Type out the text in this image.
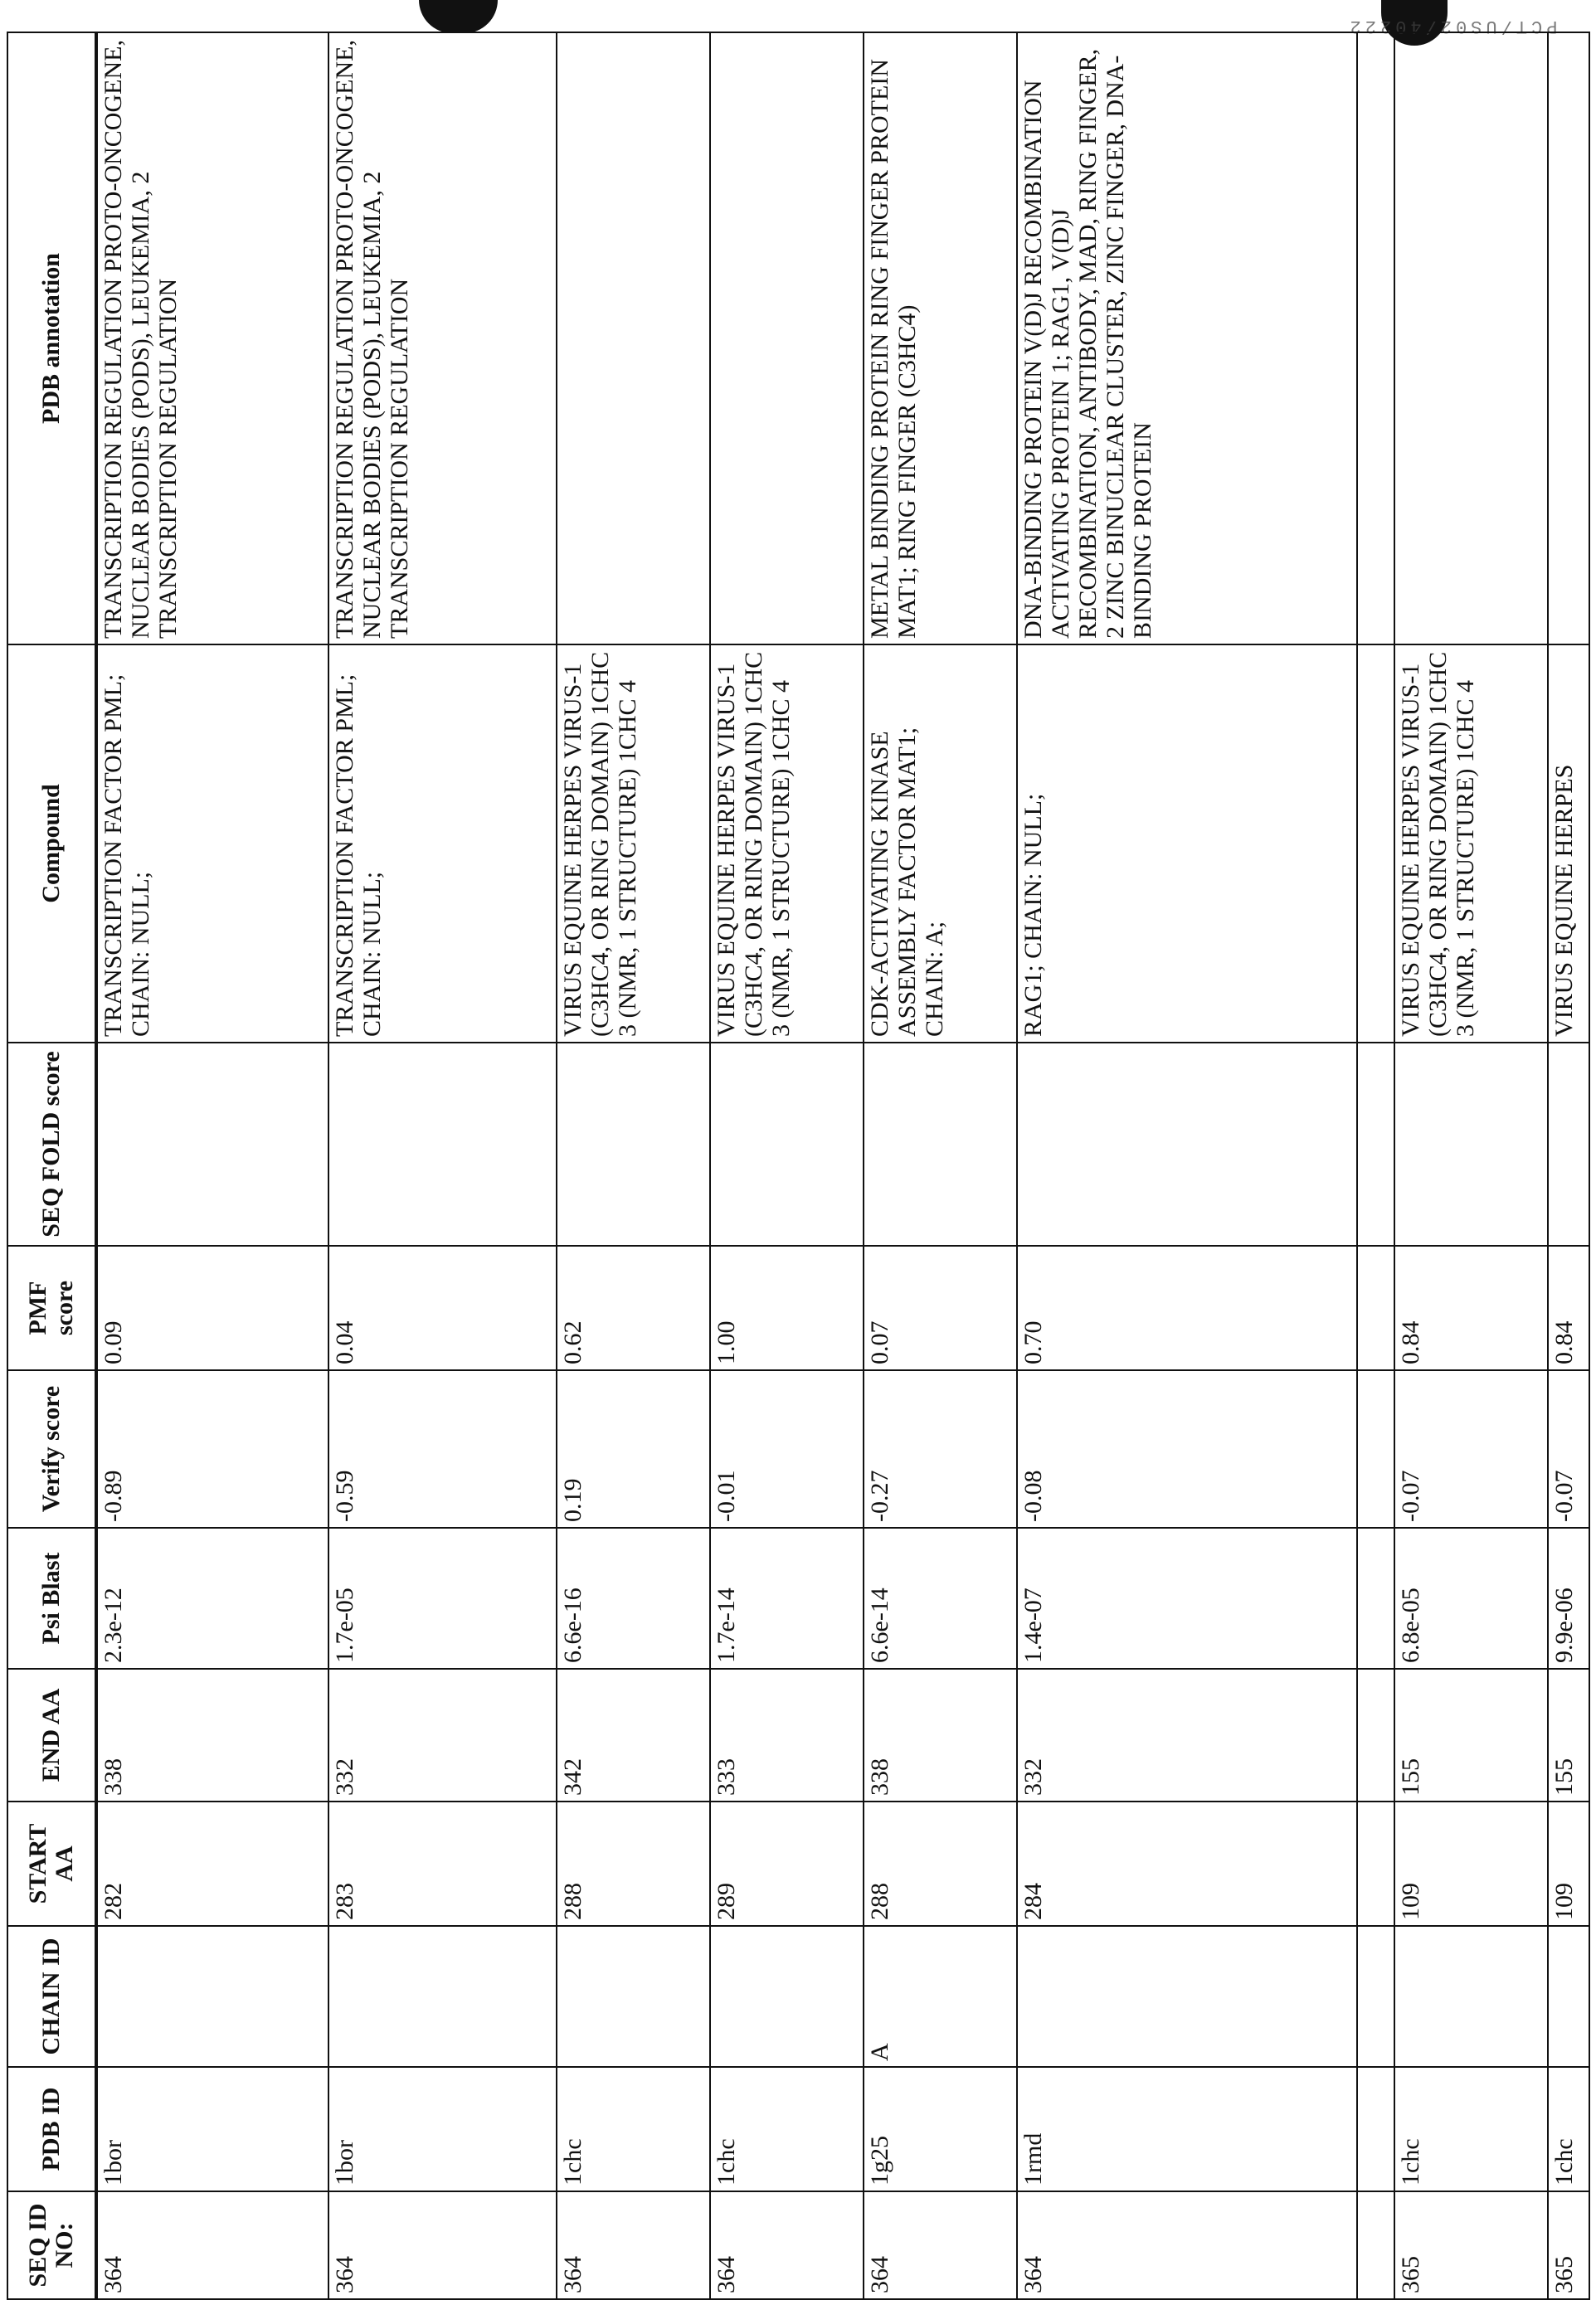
PCT/US02/40222
SEQ ID NO:	PDB ID	CHAIN ID	START AA	END AA	Psi Blast	Verify score	PMF score	SEQ FOLD score	Compound	PDB annotation
364	1bor		282	338	2.3e-12	-0.89	0.09		TRANSCRIPTION FACTOR PML; CHAIN: NULL;	TRANSCRIPTION REGULATION PROTO-ONCOGENE, NUCLEAR BODIES (PODS), LEUKEMIA, 2 TRANSCRIPTION REGULATION
364	1bor		283	332	1.7e-05	-0.59	0.04		TRANSCRIPTION FACTOR PML; CHAIN: NULL;	TRANSCRIPTION REGULATION PROTO-ONCOGENE, NUCLEAR BODIES (PODS), LEUKEMIA, 2 TRANSCRIPTION REGULATION
364	1chc		288	342	6.6e-16	0.19	0.62		VIRUS EQUINE HERPES VIRUS-1 (C3HC4, OR RING DOMAIN) 1CHC 3 (NMR, 1 STRUCTURE) 1CHC 4	
364	1chc		289	333	1.7e-14	-0.01	1.00		VIRUS EQUINE HERPES VIRUS-1 (C3HC4, OR RING DOMAIN) 1CHC 3 (NMR, 1 STRUCTURE) 1CHC 4	
364	1g25	A	288	338	6.6e-14	-0.27	0.07		CDK-ACTIVATING KINASE ASSEMBLY FACTOR MAT1; CHAIN: A;	METAL BINDING PROTEIN RING FINGER PROTEIN MAT1; RING FINGER (C3HC4)
364	1rmd		284	332	1.4e-07	-0.08	0.70		RAG1; CHAIN: NULL;	DNA-BINDING PROTEIN V(D)J RECOMBINATION ACTIVATING PROTEIN 1; RAG1, V(D)J RECOMBINATION, ANTIBODY, MAD, RING FINGER, 2 ZINC BINUCLEAR CLUSTER, ZINC FINGER, DNA-BINDING PROTEIN

365	1chc		109	155	6.8e-05	-0.07	0.84		VIRUS EQUINE HERPES VIRUS-1 (C3HC4, OR RING DOMAIN) 1CHC 3 (NMR, 1 STRUCTURE) 1CHC 4	
365	1chc		109	155	9.9e-06	-0.07	0.84		VIRUS EQUINE HERPES	
